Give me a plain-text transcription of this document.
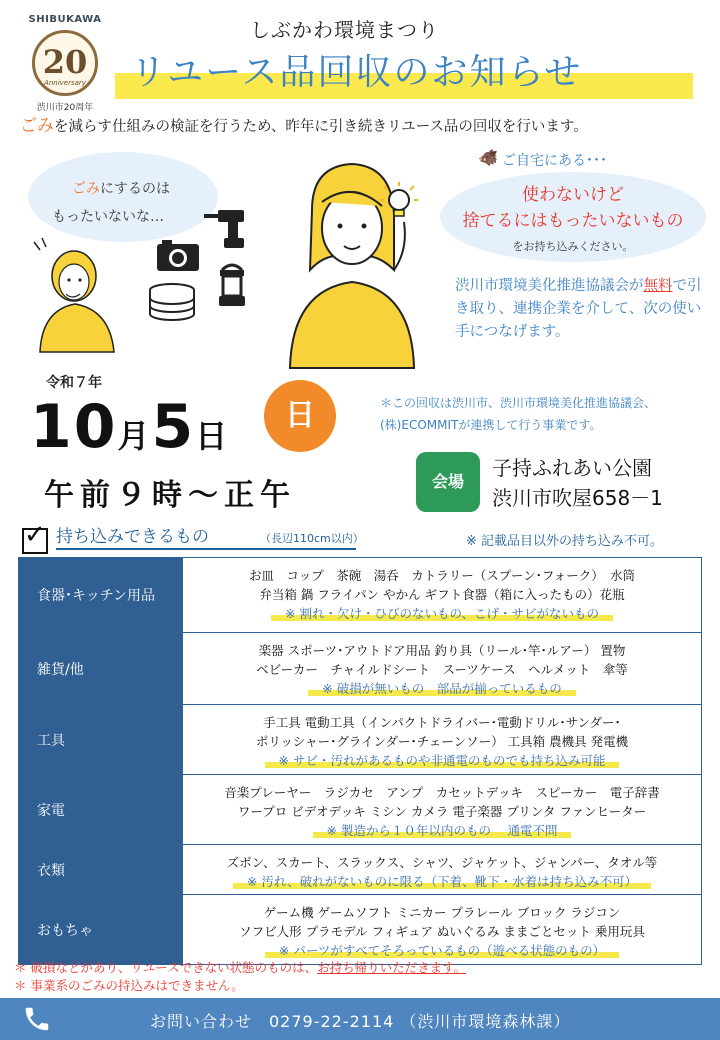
SHIBUKAWA
20
Anniversary
渋川市20周年
しぶかわ環境まつり
リユース品回収のお知らせ
ごみを減らす仕組みの検証を行うため、昨年に引き続きリユース品の回収を行います。
ごみにするのは
もったいないな…
🐗 ご自宅にある･･･
使わないけど
捨てるにはもったいないもの
をお持ち込みください。
渋川市環境美化推進協議会が無料で引き取り、連携企業を介して、次の使い手につなげます。
令和７年
10月5日
日
午前９時～正午
＊この回収は渋川市、渋川市環境美化推進協議会、(株)ECOMMITが連携して行う事業です。
会場
子持ふれあい公園
渋川市吹屋658－1
✓ 持ち込みできるもの	（長辺110cm以内）	※ 記載品目以外の持ち込み不可。
食器･キッチン用品
お皿　コップ　茶碗　湯呑　カトラリー（スプーン･フォーク）　水筒
弁当箱 鍋 フライパン やかん ギフト食器（箱に入ったもの）花瓶
※ 割れ・欠け・ひびのないもの、こげ・サビがないもの
雑貨/他
楽器 スポーツ･アウトドア用品 釣り具（リール･竿･ルアー） 置物
ベビーカー　チャイルドシート　スーツケース　ヘルメット　傘等
※ 破損が無いもの　部品が揃っているもの
工具
手工具 電動工具（インパクトドライバー･電動ドリル･サンダー･
ポリッシャー･グラインダー･チェーンソー） 工具箱 農機具 発電機
※ サビ・汚れがあるものや非通電のものでも持ち込み可能
家電
音楽プレーヤー　ラジカセ　アンプ　カセットデッキ　スピーカー　電子辞書
ワープロ ビデオデッキ ミシン カメラ 電子楽器 プリンタ ファンヒーター
※ 製造から１０年以内のもの　 通電不問
衣類	ズボン、スカート、スラックス、シャツ、ジャケット、ジャンパー、タオル等
※ 汚れ、破れがないものに限る（下着、靴下・水着は持ち込み不可）
おもちゃ
ゲーム機 ゲームソフト ミニカー プラレール ブロック ラジコン
ソフビ人形 プラモデル フィギュア ぬいぐるみ ままごとセット 乗用玩具
※ パーツがすべてそろっているもの（遊べる状態のもの）
＊ 破損などがあり、リユースできない状態のものは、お持ち帰りいただきます。
＊ 事業系のごみの持込みはできません。
お問い合わせ　0279-22-2114 （渋川市環境森林課）
